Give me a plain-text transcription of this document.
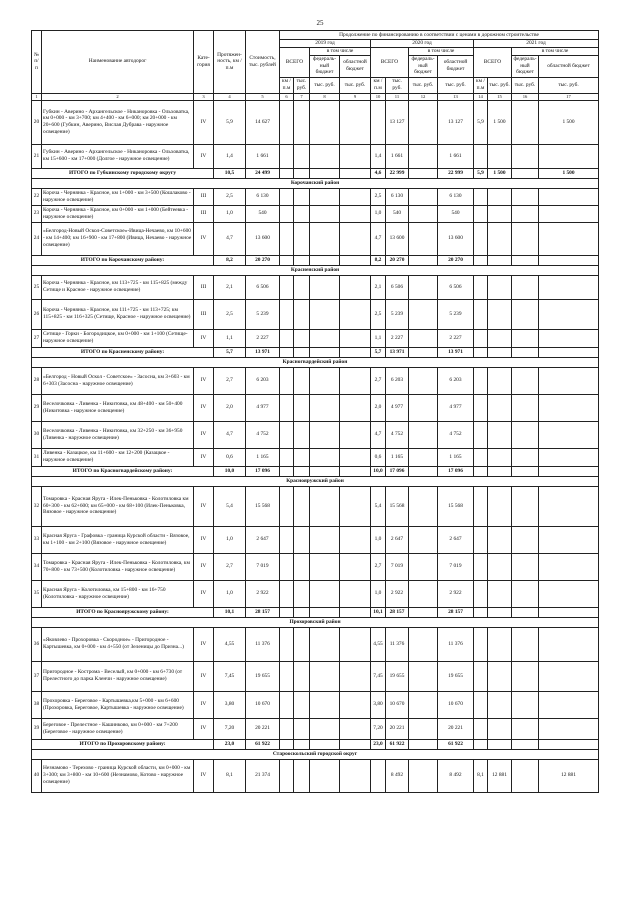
25
№ п/п	Наименование автодорог	Кате-гория	Протяжен-ность, км / п.м	Стоимость, тыс. рублей	Продолжение по финансированию в соответствии с ценами в дорожном строительстве											
					2019 год				2020 год				2021 год			
					ВСЕГО		в том числе		ВСЕГО		в том числе		ВСЕГО		в том числе	
							федераль-ный бюджет	областной бюджет			федераль-ный бюджет	областной бюджет			федераль-ный бюджет	областной бюджет
					км / п.м	тыс. руб.	тыс. руб.	тыс. руб.	км / п.м	тыс. руб.	тыс. руб.	тыс. руб.	км / п.м	тыс. руб.	тыс. руб.	тыс. руб.
1	2	3	4	5	6	7	8	9	10	11	12	13	14	15	16	17
20	Губкин - Аверино - Архангельское - Никаноровка - Ольховатка, км 0+000 - км 3+700; км 4+400 - км 6+000; км 20+000 - км 20+600 (Губкин, Аверино, Вислая Дубрава - наружное освещение)	IV	5,9	14 627						13 127		13 127	5,9	1 500		1 500
21	Губкин - Аверино - Архангельское - Никаноровка - Ольховатка, км 15+600 - км 17+000 (Долгое - наружное освещение)	IV	1,4	1 661					1,4	1 661		1 661				
ИТОГО по Губкинскому городскому округу			10,5	24 499					4,6	22 999		22 999	5,9	1 500		1 500
Корочанский район																
22	Короча - Чернянка - Красное, км 1+000 - км 3+500 (Кошлаково - наружное освещение)	III	2,5	6 130					2,5	6 130		6 130				
23	Короча - Чернянка - Красное, км 0+000 - км 1+000 (Бейтеевка - наружное освещение)	III	1,0	540					1,0	540		540				
24	«Белгород-Новый Оскол-Советское»-Ивица-Нечаево, км 10+600 - км 14+400; км 16+900 - км 17+800 (Ивица, Нечаево - наружное освещение)	IV	4,7	13 600					4,7	13 600		13 600				
ИТОГО по Корочанскому району:			8,2	20 270					8,2	20 270		20 270				
Красненский район																
25	Короча - Чернянка - Красное, км 113+725 - км 115+825 (между Сетище и Красное - наружное освещение)	III	2,1	6 506					2,1	6 506		6 506				
26	Короча - Чернянка - Красное, км 111+725 - км 113+725; км 115+825 - км 116+325 (Сетище, Красное - наружное освещение)	III	2,5	5 239					2,5	5 239		5 239				
27	Сетище - Горки - Богородицкое, км 0+000 - км 1+100 (Сетище-наружное освещение)	IV	1,1	2 227					1,1	2 227		2 227				
ИТОГО по Красненскому району:			5,7	13 971					5,7	13 971		13 971				
Красногвардейский район																
28	«Белгород - Новый Оскол - Советское» - Засосна, км 3+603 - км 6+303 (Засосна - наружное освещение)	IV	2,7	6 203					2,7	6 203		6 203				
29	Веселочковка - Ливенка - Никитовка, км 48+400 - км 50+400 (Никитовка - наружное освещение)	IV	2,0	4 977					2,0	4 977		4 977				
30	Веселочковка - Ливенка - Никитовка, км 32+250 - км 36+950 (Ливенка - наружное освещение)	IV	4,7	4 752					4,7	4 752		4 752				
31	Ливенка - Казацкое, км 11+600 - км 12+200 (Казацкое - наружное освещение)	IV	0,6	1 165					0,6	1 165		1 165				
ИТОГО по Красногвардейскому району:			10,0	17 096					10,0	17 096		17 096				
Краснояружский район																
32	Томаровка - Красная Яруга - Илек-Пеньковка - Колотиловка км 60+300 - км 62+600; км 65+000 - км 68+100 (Илек-Пеньковка, Вязовое - наружное освещение)	IV	5,4	15 568					5,4	15 568		15 568				
33	Красная Яруга - Графовка - граница Курской области - Вязовое, км 1+100 - км 2+100 (Вязовое - наружное освещение)	IV	1,0	2 647					1,0	2 647		2 647				
34	Томаровка - Красная Яруга - Илек-Пеньковка - Колотиловка, км 70+800 - км 73+500 (Колотиловка - наружное освещение)	IV	2,7	7 019					2,7	7 019		7 019				
35	Красная Яруга - Колотиловка, км 15+800 - км 16+750 (Колотиловка - наружное освещение)	IV	1,0	2 922					1,0	2 922		2 922				
ИТОГО по Краснояружскому району:			10,1	28 157					10,1	28 157		28 157				
Прохоровский район																
36	«Яковлево - Прохоровка - Скородное» - Пригородное - Картышевка, км 0+000 - км 4+550 (от Зеленицы до Призна...)	IV	4,55	11 376					4,55	11 376		11 376				
37	Пригородное - Кострома - Веселый, км 0+000 - км 6+730 (от Прелестного до парка Кленчи - наружное освещение)	IV	7,45	19 655					7,45	19 655		19 655				
38	Прохоровка - Береговое - Картышевка,км 5+000 - км 6+600 (Прохоровка, Береговое, Картышевка - наружное освещение)	IV	3,80	10 670					3,80	10 670		10 670				
39	Береговое - Прелестное - Кашинково, км 0+000 - км 7+200 (Береговое - наружное освещение)	IV	7,20	20 221					7,20	20 221		20 221				
ИТОГО по Прохоровскому району:			23,0	61 922					23,0	61 922		61 922				
Старооскольский городской округ																
40	Незнамово - Терехово - граница Курской области, км 0+000 - км 3+300; км 3+800 - км 10+600 (Незнамово, Котово - наружное освещение)	IV	8,1	21 374						8 492		8 492	8,1	12 881		12 881
